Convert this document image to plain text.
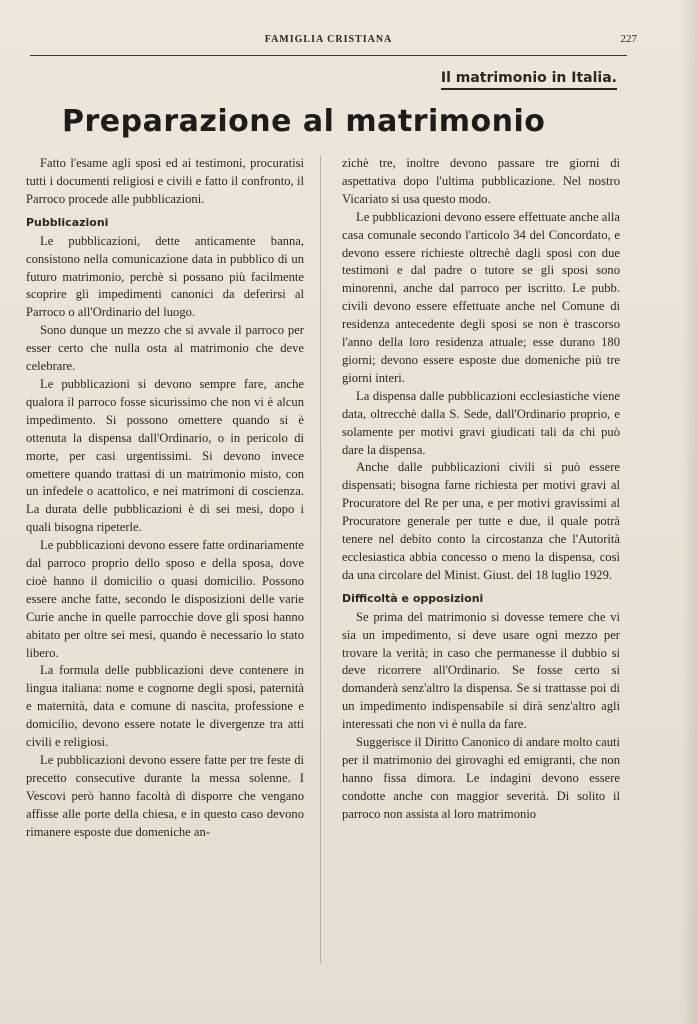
FAMIGLIA CRISTIANA	227
Il matrimonio in Italia.
Preparazione al matrimonio

Fatto l'esame agli sposi ed ai testimoni, procuratisi tutti i documenti religiosi e civili e fatto il confronto, il Parroco procede alle pubblicazioni.

Pubblicazioni

Le pubblicazioni, dette anticamente banna, consistono nella comunicazione data in pubblico di un futuro matrimonio, perchè si possano più facilmente scoprire gli impedimenti canonici da deferirsi al Parroco o all'Ordinario del luogo.

Sono dunque un mezzo che si avvale il parroco per esser certo che nulla osta al matrimonio che deve celebrare.

Le pubblicazioni si devono sempre fare, anche qualora il parroco fosse sicurissimo che non vi è alcun impedimento. Si possono omettere quando si è ottenuta la dispensa dall'Ordinario, o in pericolo di morte, per casi urgentissimi. Si devono invece omettere quando trattasi di un matrimonio misto, con un infedele o acattolico, e nei matrimoni di coscienza. La durata delle pubblicazioni è di sei mesi, dopo i quali bisogna ripeterle.

Le pubblicazioni devono essere fatte ordinariamente dal parroco proprio dello sposo e della sposa, dove cioè hanno il domicilio o quasi domicilio. Possono essere anche fatte, secondo le disposizioni delle varie Curie anche in quelle parrocchie dove gli sposi hanno abitato per oltre sei mesi, quando è necessario lo stato libero.

La formula delle pubblicazioni deve contenere in lingua italiana: nome e cognome degli sposi, paternità e maternità, data e comune di nascita, professione e domicilio, devono essere notate le divergenze tra atti civili e religiosi.

Le pubblicazioni devono essere fatte per tre feste di precetto consecutive durante la messa solenne. I Vescovi però hanno facoltà di disporre che vengano affisse alle porte della chiesa, e in questo caso devono rimanere esposte due domeniche an-

zichè tre, inoltre devono passare tre giorni di aspettativa dopo l'ultima pubblicazione. Nel nostro Vicariato si usa questo modo.

Le pubblicazioni devono essere effettuate anche alla casa comunale secondo l'articolo 34 del Concordato, e devono essere richieste oltrechè dagli sposi con due testimoni e dal padre o tutore se gli sposi sono minorenni, anche dal parroco per iscritto. Le pubb. civili devono essere effettuate anche nel Comune di residenza antecedente degli sposi se non è trascorso l'anno della loro residenza attuale; esse durano 180 giorni; devono essere esposte due domeniche più tre giorni interi.

La dispensa dalle pubblicazioni ecclesiastiche viene data, oltrecchè dalla S. Sede, dall'Ordinario proprio, e solamente per motivi gravi giudicati tali da chi può dare la dispensa.

Anche dalle pubblicazioni civili si può essere dispensati; bisogna farne richiesta per motivi gravi al Procuratore del Re per una, e per motivi gravissimi al Procuratore generale per tutte e due, il quale potrà tenere nel debito conto la circostanza che l'Autorità ecclesiastica abbia concesso o meno la dispensa, così da una circolare del Minist. Giust. del 18 luglio 1929.

Difficoltà e opposizioni

Se prima del matrimonio si dovesse temere che vi sia un impedimento, si deve usare ogni mezzo per trovare la verità; in caso che permanesse il dubbio si deve ricorrere all'Ordinario. Se fosse certo si domanderà senz'altro la dispensa. Se si trattasse poi di un impedimento indispensabile si dirà senz'altro agli interessati che non vi è nulla da fare.

Suggerisce il Diritto Canonico di andare molto cauti per il matrimonio dei girovaghi ed emigranti, che non hanno fissa dimora. Le indagini devono essere condotte anche con maggior severità. Di solito il parroco non assista al loro matrimonio
